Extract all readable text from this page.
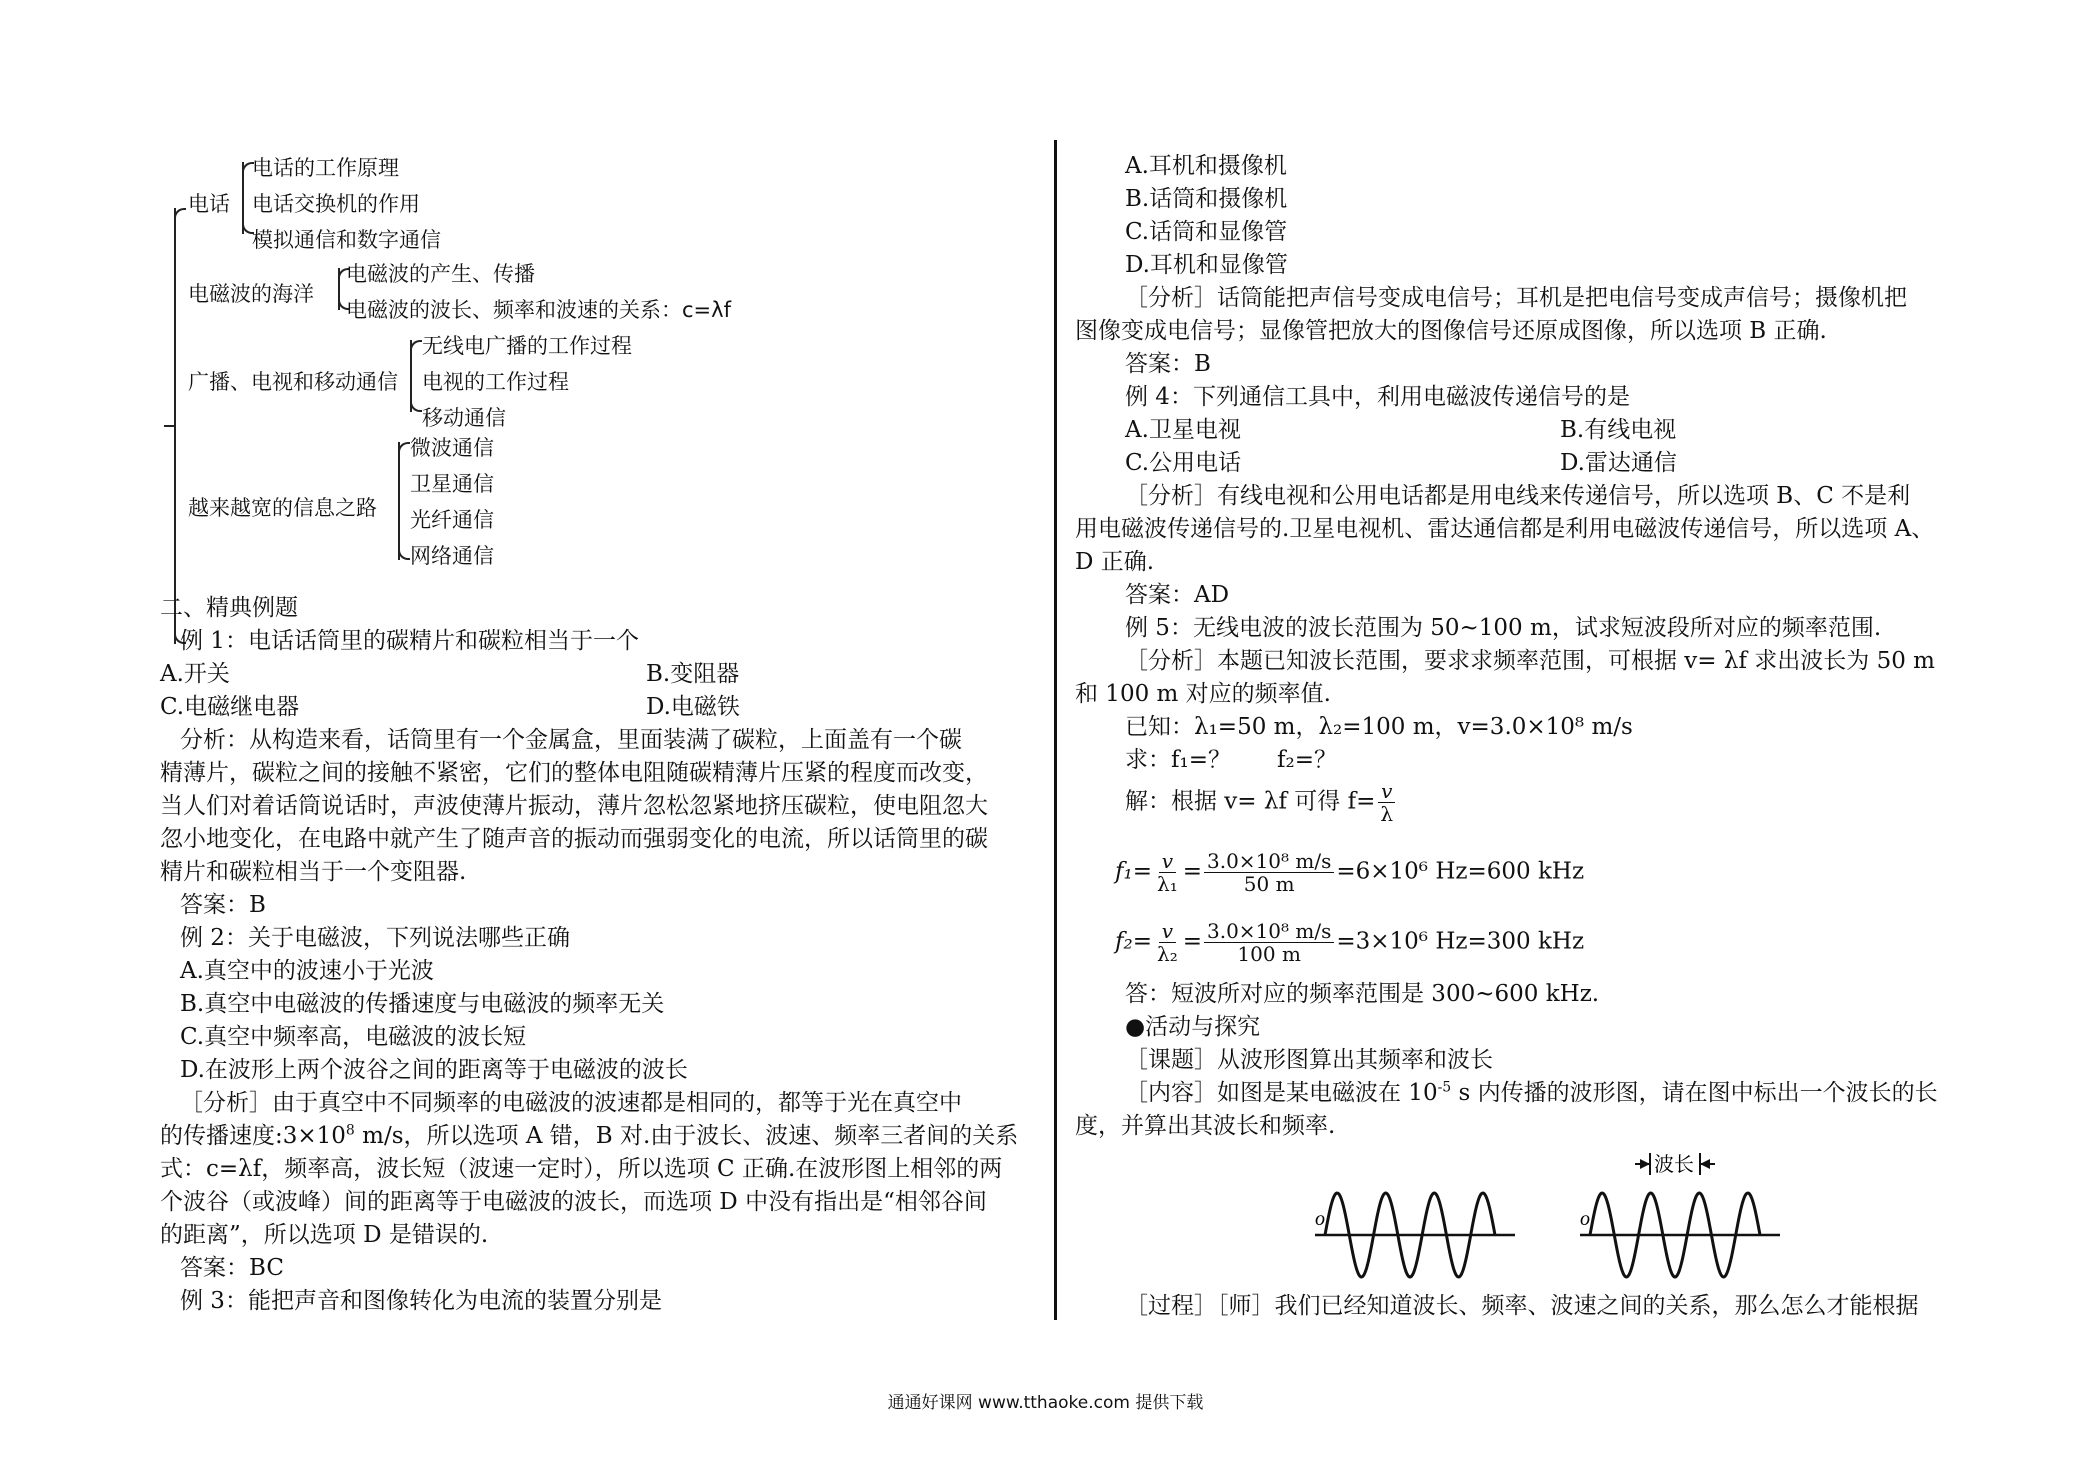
电话
电话的工作原理
电话交换机的作用
模拟通信和数字通信
电磁波的海洋
电磁波的产生、传播
电磁波的波长、频率和波速的关系：c=λf
广播、电视和移动通信
无线电广播的工作过程
电视的工作过程
移动通信
越来越宽的信息之路
微波通信
卫星通信
光纤通信
网络通信
二、精典例题
例 1：电话话筒里的碳精片和碳粒相当于一个
A.开关	B.变阻器
C.电磁继电器	D.电磁铁
分析：从构造来看，话筒里有一个金属盒，里面装满了碳粒，上面盖有一个碳
精薄片，碳粒之间的接触不紧密，它们的整体电阻随碳精薄片压紧的程度而改变，
当人们对着话筒说话时，声波使薄片振动，薄片忽松忽紧地挤压碳粒，使电阻忽大
忽小地变化，在电路中就产生了随声音的振动而强弱变化的电流，所以话筒里的碳
精片和碳粒相当于一个变阻器.
答案：B
例 2：关于电磁波，下列说法哪些正确
A.真空中的波速小于光波
B.真空中电磁波的传播速度与电磁波的频率无关
C.真空中频率高，电磁波的波长短
D.在波形上两个波谷之间的距离等于电磁波的波长
［分析］由于真空中不同频率的电磁波的波速都是相同的，都等于光在真空中
的传播速度$:3\times 10^8$ m/s，所以选项 A 错，B 对.由于波长、波速、频率三者间的关系
式：c=λf，频率高，波长短（波速一定时），所以选项 C 正确.在波形图上相邻的两
个波谷（或波峰）间的距离等于电磁波的波长，而选项 D 中没有指出是“相邻谷间
的距离”，所以选项 D 是错误的.
答案：BC
例 3：能把声音和图像转化为电流的装置分别是
A.耳机和摄像机
B.话筒和摄像机
C.话筒和显像管
D.耳机和显像管
［分析］话筒能把声信号变成电信号；耳机是把电信号变成声信号；摄像机把
图像变成电信号；显像管把放大的图像信号还原成图像，所以选项 B 正确.
答案：B
例 4：下列通信工具中，利用电磁波传递信号的是
A.卫星电视	B.有线电视
C.公用电话	D.雷达通信
［分析］有线电视和公用电话都是用电线来传递信号，所以选项 B、C 不是利
用电磁波传递信号的.卫星电视机、雷达通信都是利用电磁波传递信号，所以选项 A、
D 正确.
答案：AD
例 5：无线电波的波长范围为 50~100 m，试求短波段所对应的频率范围.
［分析］本题已知波长范围，要求求频率范围，可根据 v= λf 求出波长为 50 m
和 100 m 对应的频率值.
已知：λ₁=50 m，λ₂=100 m，v=3.0×10⁸ m/s
求：f₁=？　　f₂=？
解：根据 v= λf 可得 $f= \frac{v}{\lambda}$
$f_1= \frac{v}{\text{λ₁}} = \frac{\text{3.0×10⁸ m/s}}{50 m} =6\times 10^6$ Hz=600 kHz
$f_2= \frac{v}{\text{λ₂}} = \frac{\text{3.0×10⁸ m/s}}{100 m} =3\times 10^6$ Hz=300 kHz
答：短波所对应的频率范围是 300~600 kHz.
●活动与探究
［课题］从波形图算出其频率和波长
［内容］如图是某电磁波在 $10^{-5}$ s 内传播的波形图，请在图中标出一个波长的长
度，并算出其波长和频率.
o	o
波长
［过程］［师］我们已经知道波长、频率、波速之间的关系，那么怎么才能根据
通通好课网 www.tthaoke.com 提供下载
